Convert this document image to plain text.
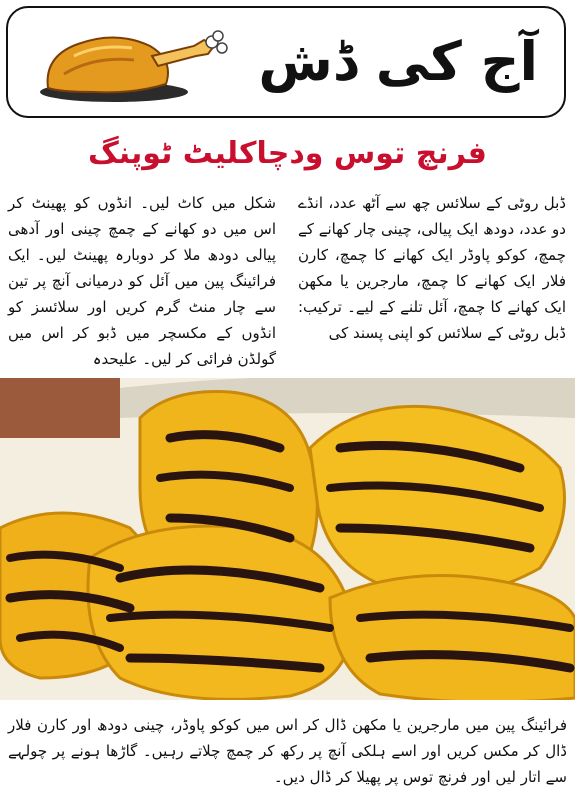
آج کی ڈش
فرنچ توس ودچاکلیٹ ٹوپنگ
ڈبل روٹی کے سلائس چھ سے آٹھ عدد، انڈے دو عدد، دودھ ایک پیالی، چینی چار کھانے کے چمچ، کوکو پاوڈر ایک کھانے کا چمچ، کارن فلار ایک کھانے کا چمچ، مارجرین یا مکھن ایک کھانے کا چمچ، آئل تلنے کے لیے۔ ترکیب: ڈبل روٹی کے سلائس کو اپنی پسند کی
شکل میں کاٹ لیں۔ انڈوں کو پھینٹ کر اس میں دو کھانے کے چمچ چینی اور آدھی پیالی دودھ ملا کر دوبارہ پھینٹ لیں۔ ایک فرائینگ پین میں آئل کو درمیانی آنچ پر تین سے چار منٹ گرم کریں اور سلائسز کو انڈوں کے مکسچر میں ڈبو کر اس میں گولڈن فرائی کر لیں۔ علیحدہ
فرائینگ پین میں مارجرین یا مکھن ڈال کر اس میں کوکو پاوڈر، چینی دودھ اور کارن فلار ڈال کر مکس کریں اور اسے ہلکی آنچ پر رکھ کر چمچ چلاتے رہیں۔ گاڑھا ہونے پر چولہے سے اتار لیں اور فرنچ توس پر پھیلا کر ڈال دیں۔
